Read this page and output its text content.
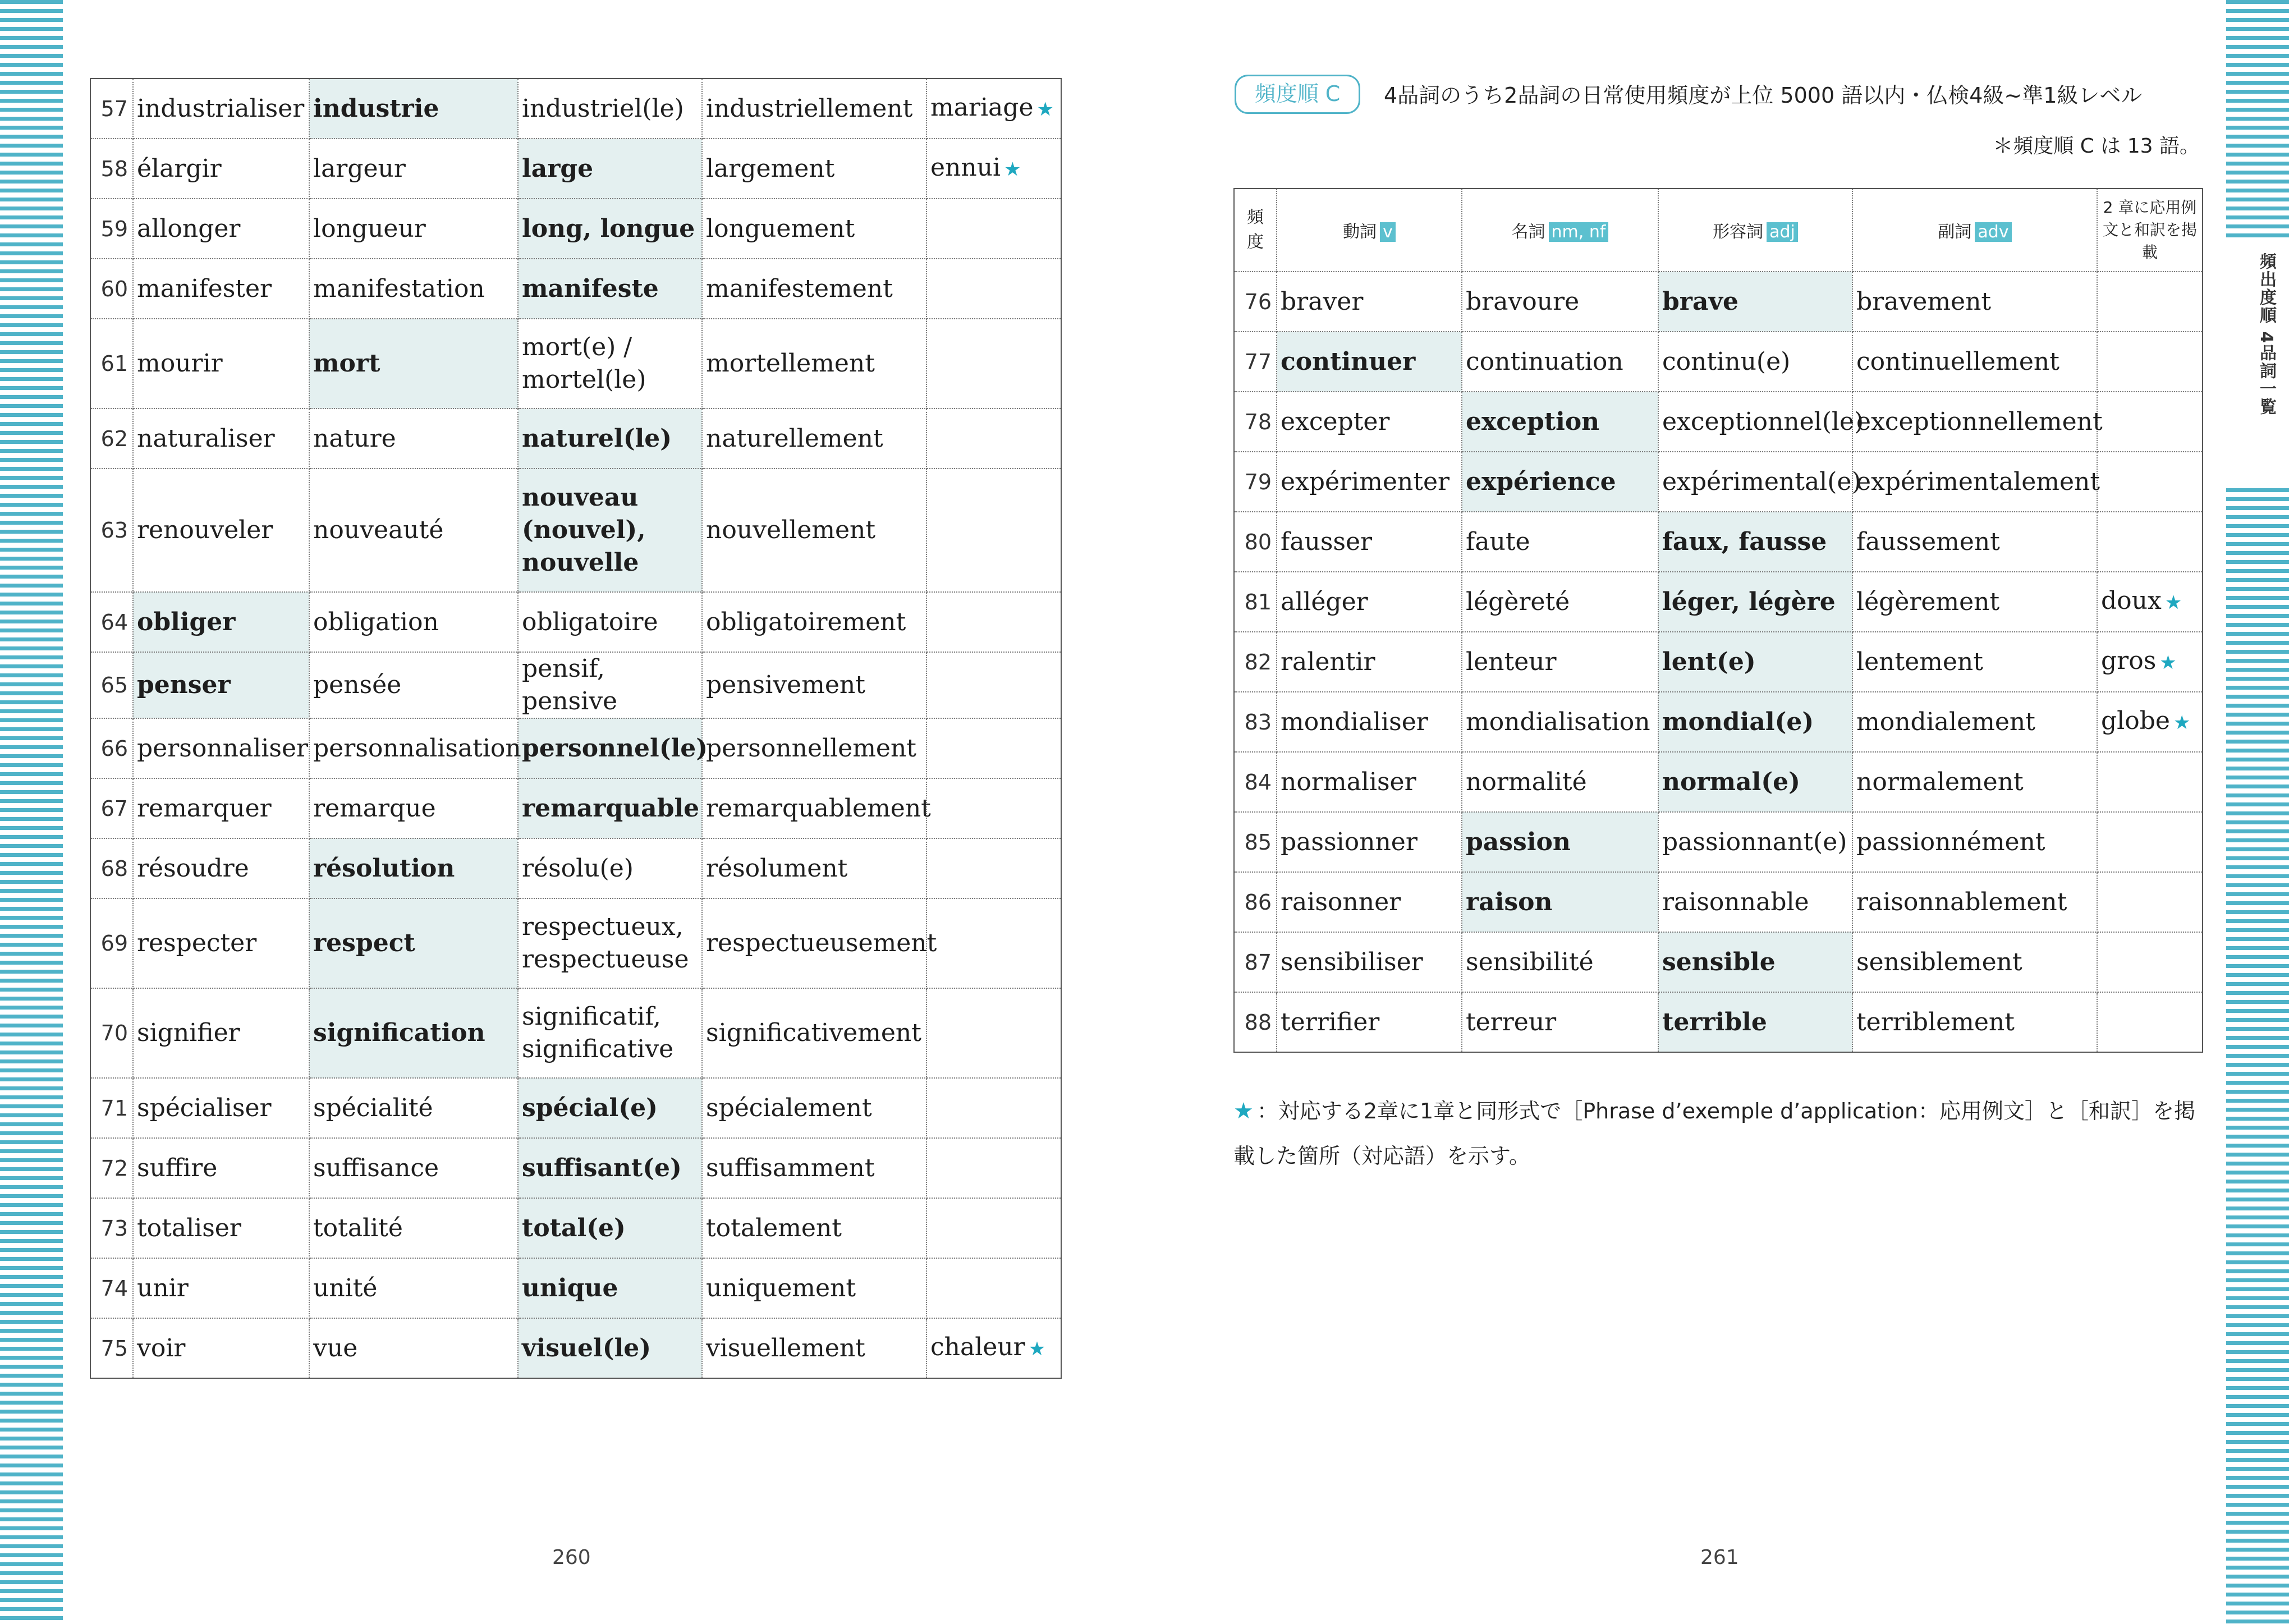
頻出度順 4品詞一覧
57	industrialiser	industrie	industriel(le)	industriellement	mariage ★
58	élargir	largeur	large	largement	ennui ★
59	allonger	longueur	long, longue	longuement	
60	manifester	manifestation	manifeste	manifestement	
61	mourir	mort	mort(e) / mortel(le)	mortellement	
62	naturaliser	nature	naturel(le)	naturellement	
63	renouveler	nouveauté	nouveau (nouvel), nouvelle	nouvellement	
64	obliger	obligation	obligatoire	obligatoirement	
65	penser	pensée	pensif, pensive	pensivement	
66	personnaliser	personnalisation	personnel(le)	personnellement	
67	remarquer	remarque	remarquable	remarquablement	
68	résoudre	résolution	résolu(e)	résolument	
69	respecter	respect	respectueux, respectueuse	respectueusement	
70	signifier	signification	significatif, significative	significativement	
71	spécialiser	spécialité	spécial(e)	spécialement	
72	suffire	suffisance	suffisant(e)	suffisamment	
73	totaliser	totalité	total(e)	totalement	
74	unir	unité	unique	uniquement	
75	voir	vue	visuel(le)	visuellement	chaleur ★
頻度順 C	4品詞のうち2品詞の日常使用頻度が上位 5000 語以内・仏検4級~準1級レベル
＊頻度順 C は 13 語。
頻度	動詞 v	名詞 nm, nf	形容詞 adj	副詞 adv	2 章に応用例文と和訳を掲載
76	braver	bravoure	brave	bravement	
77	continuer	continuation	continu(e)	continuellement	
78	excepter	exception	exceptionnel(le)	exceptionnellement	
79	expérimenter	expérience	expérimental(e)	expérimentalement	
80	fausser	faute	faux, fausse	faussement	
81	alléger	légèreté	léger, légère	légèrement	doux ★
82	ralentir	lenteur	lent(e)	lentement	gros ★
83	mondialiser	mondialisation	mondial(e)	mondialement	globe ★
84	normaliser	normalité	normal(e)	normalement	
85	passionner	passion	passionnant(e)	passionnément	
86	raisonner	raison	raisonnable	raisonnablement	
87	sensibiliser	sensibilité	sensible	sensiblement	
88	terrifier	terreur	terrible	terriblement	
★ ：対応する2章に1章と同形式で［Phrase d’exemple d’application：応用例文］と［和訳］を掲載した箇所（対応語）を示す。
260	261
